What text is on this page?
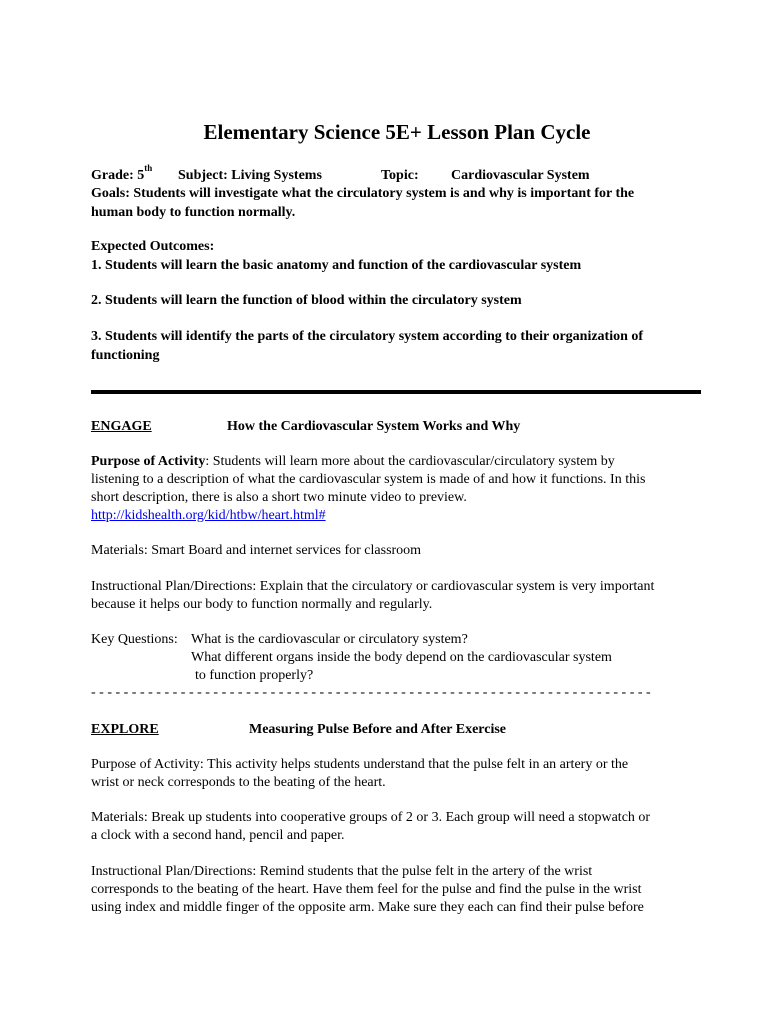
Elementary Science 5E+ Lesson Plan Cycle
Grade: 5th Subject: Living Systems	Topic: Cardiovascular System
Goals: Students will investigate what the circulatory system is and why is important for the
human body to function normally.
Expected Outcomes:
1. Students will learn the basic anatomy and function of the cardiovascular system
2. Students will learn the function of blood within the circulatory system
3. Students will identify the parts of the circulatory system according to their organization of
functioning
ENGAGE	How the Cardiovascular System Works and Why
Purpose of Activity: Students will learn more about the cardiovascular/circulatory system by
listening to a description of what the cardiovascular system is made of and how it functions. In this
short description, there is also a short two minute video to preview.
http://kidshealth.org/kid/htbw/heart.html#
Materials: Smart Board and internet services for classroom
Instructional Plan/Directions: Explain that the circulatory or cardiovascular system is very important
because it helps our body to function normally and regularly.
Key Questions: What is the cardiovascular or circulatory system?
What different organs inside the body depend on the cardiovascular system
to function properly?
- - - - - - - - - - - - - - - - - - - - - - - - - - - - - - - - - - - - - - - - - - - - - - - - - - - - - - - - - - - - - - - - - - - - -
EXPLORE	Measuring Pulse Before and After Exercise
Purpose of Activity: This activity helps students understand that the pulse felt in an artery or the
wrist or neck corresponds to the beating of the heart.
Materials: Break up students into cooperative groups of 2 or 3. Each group will need a stopwatch or
a clock with a second hand, pencil and paper.
Instructional Plan/Directions: Remind students that the pulse felt in the artery of the wrist
corresponds to the beating of the heart. Have them feel for the pulse and find the pulse in the wrist
using index and middle finger of the opposite arm. Make sure they each can find their pulse before
